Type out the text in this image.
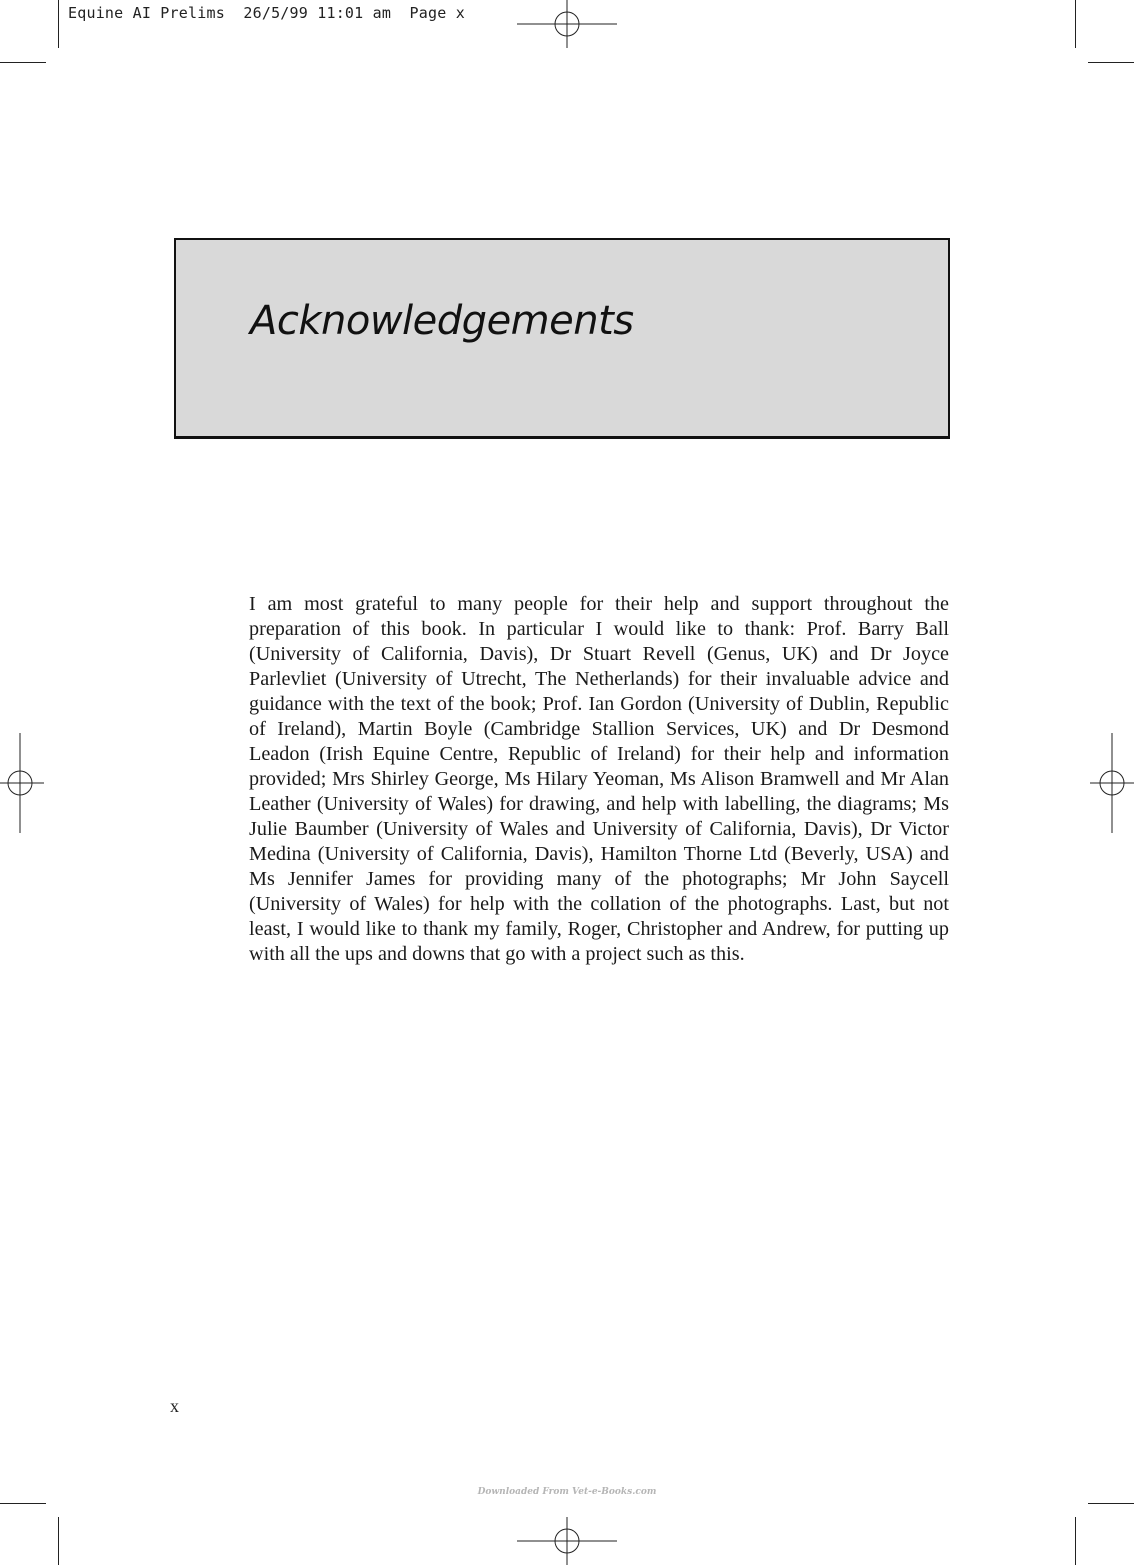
Equine AI Prelims  26/5/99 11:01 am  Page x
Acknowledgements

I am most grateful to many people for their help and support throughout the preparation of this book. In particular I would like to thank: Prof. Barry Ball (University of California, Davis), Dr Stuart Revell (Genus, UK) and Dr Joyce Parlevliet (University of Utrecht, The Netherlands) for their invaluable advice and guidance with the text of the book; Prof. Ian Gordon (University of Dublin, Republic of Ireland), Martin Boyle (Cambridge Stallion Services, UK) and Dr Desmond Leadon (Irish Equine Centre, Republic of Ireland) for their help and information provided; Mrs Shirley George, Ms Hilary Yeoman, Ms Alison Bramwell and Mr Alan Leather (University of Wales) for drawing, and help with labelling, the diagrams; Ms Julie Baumber (University of Wales and University of California, Davis), Dr Victor Medina (University of California, Davis), Hamilton Thorne Ltd (Beverly, USA) and Ms Jennifer James for providing many of the photographs; Mr John Saycell (University of Wales) for help with the collation of the photographs. Last, but not least, I would like to thank my family, Roger, Christopher and Andrew, for putting up with all the ups and downs that go with a project such as this.

x
Downloaded From Vet-e-Books.com
